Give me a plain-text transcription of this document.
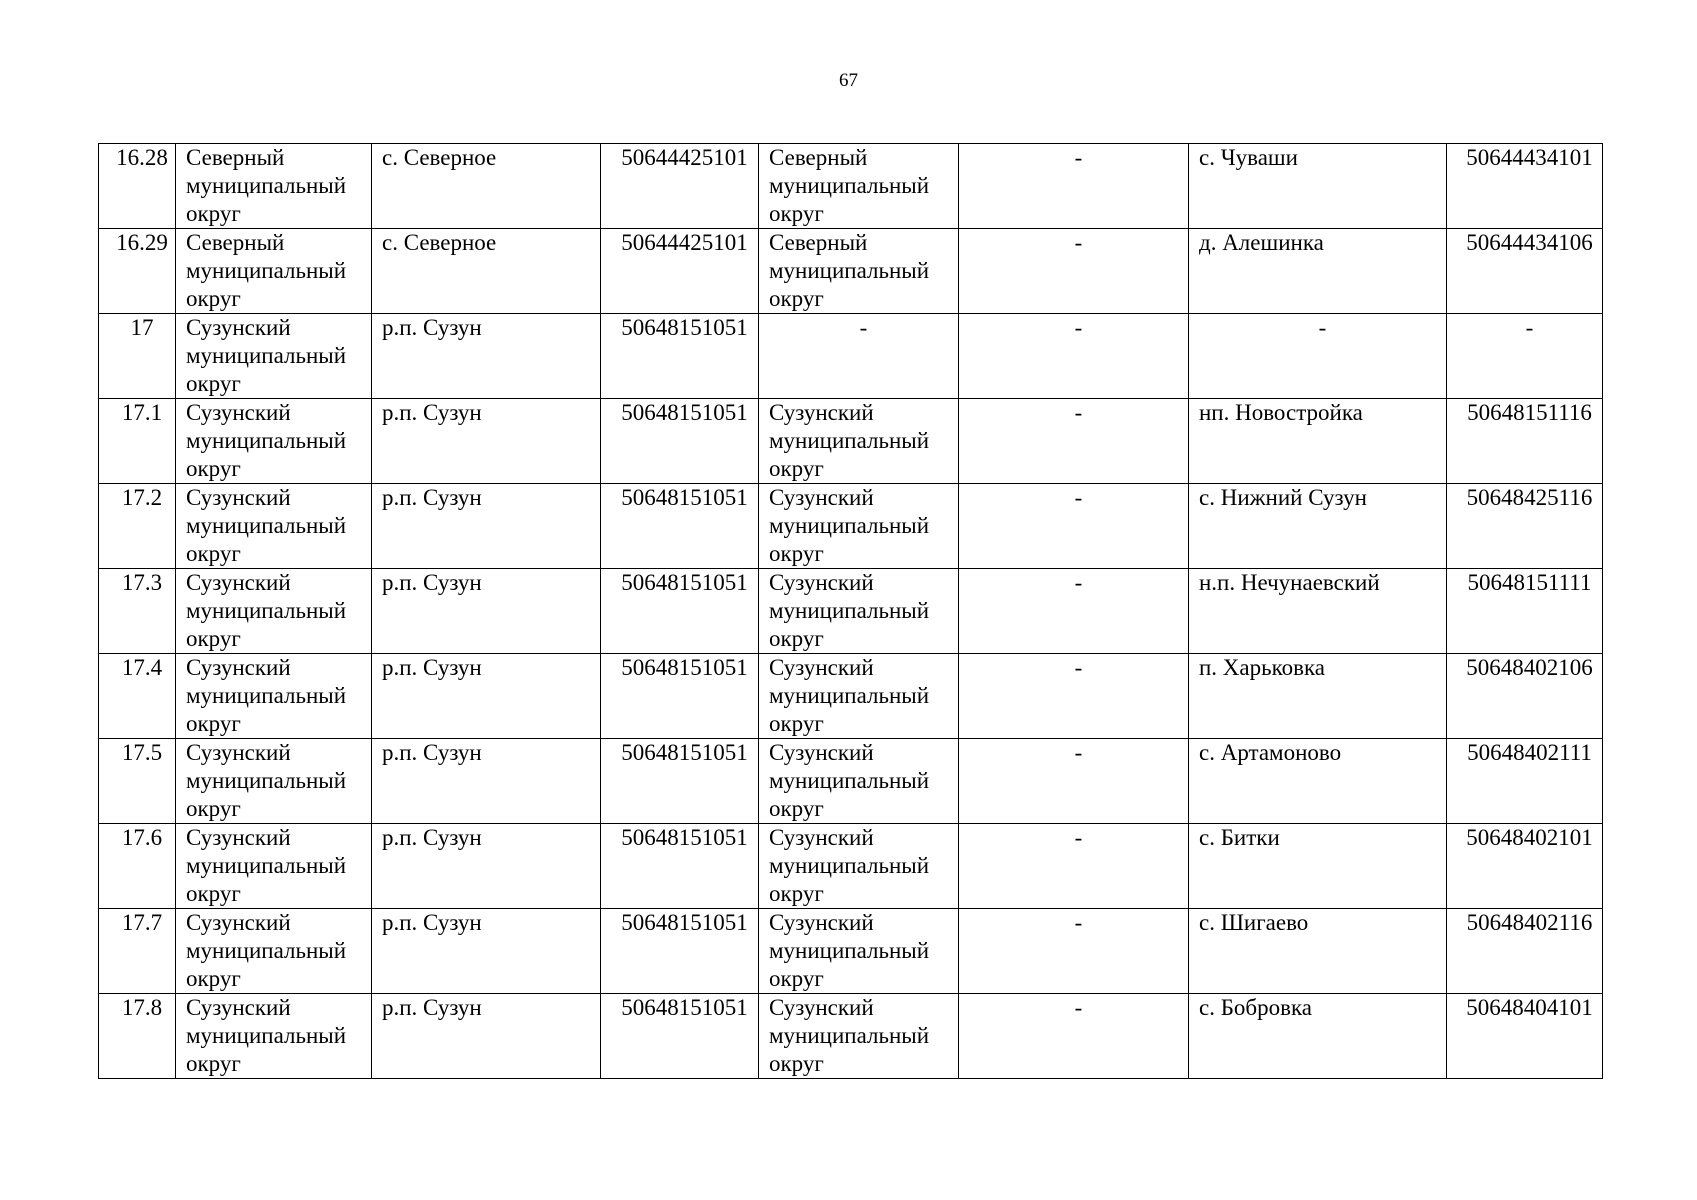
67
16.28	Северный
муниципальный
округ	с. Северное	50644425101	Северный
муниципальный
округ	-	с. Чуваши	50644434101
16.29	Северный
муниципальный
округ	с. Северное	50644425101	Северный
муниципальный
округ	-	д. Алешинка	50644434106
17	Сузунский
муниципальный
округ	р.п. Сузун	50648151051	-	-	-	-
17.1	Сузунский
муниципальный
округ	р.п. Сузун	50648151051	Сузунский
муниципальный
округ	-	нп. Новостройка	50648151116
17.2	Сузунский
муниципальный
округ	р.п. Сузун	50648151051	Сузунский
муниципальный
округ	-	с. Нижний Сузун	50648425116
17.3	Сузунский
муниципальный
округ	р.п. Сузун	50648151051	Сузунский
муниципальный
округ	-	н.п. Нечунаевский	50648151111
17.4	Сузунский
муниципальный
округ	р.п. Сузун	50648151051	Сузунский
муниципальный
округ	-	п. Харьковка	50648402106
17.5	Сузунский
муниципальный
округ	р.п. Сузун	50648151051	Сузунский
муниципальный
округ	-	с. Артамоново	50648402111
17.6	Сузунский
муниципальный
округ	р.п. Сузун	50648151051	Сузунский
муниципальный
округ	-	с. Битки	50648402101
17.7	Сузунский
муниципальный
округ	р.п. Сузун	50648151051	Сузунский
муниципальный
округ	-	с. Шигаево	50648402116
17.8	Сузунский
муниципальный
округ	р.п. Сузун	50648151051	Сузунский
муниципальный
округ	-	с. Бобровка	50648404101
